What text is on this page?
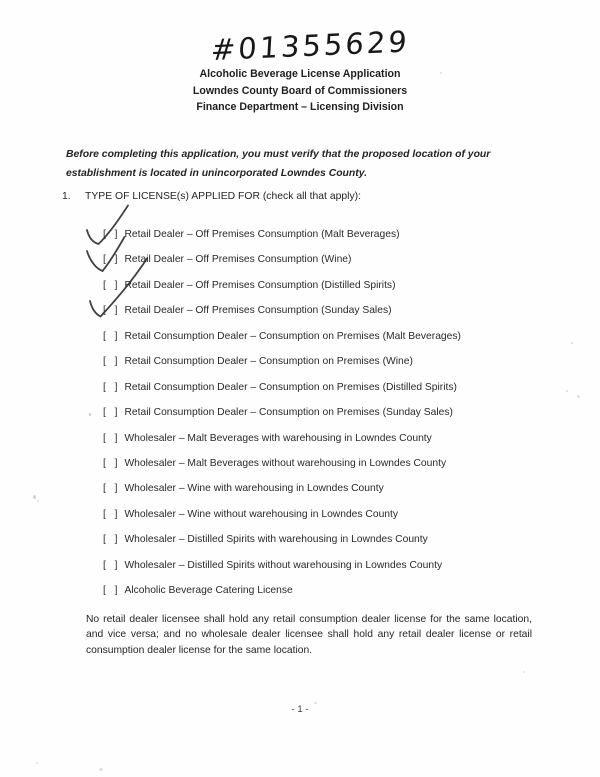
#01355629
Alcoholic Beverage License Application
Lowndes County Board of Commissioners
Finance Department – Licensing Division
Before completing this application, you must verify that the proposed location of your establishment is located in unincorporated Lowndes County.
1. TYPE OF LICENSE(s) APPLIED FOR (check all that apply):
[  ] Retail Dealer – Off Premises Consumption (Malt Beverages)
[  ] Retail Dealer – Off Premises Consumption (Wine)
[  ] Retail Dealer – Off Premises Consumption (Distilled Spirits)
[  ] Retail Dealer – Off Premises Consumption (Sunday Sales)
[  ] Retail Consumption Dealer – Consumption on Premises (Malt Beverages)
[  ] Retail Consumption Dealer – Consumption on Premises (Wine)
[  ] Retail Consumption Dealer – Consumption on Premises (Distilled Spirits)
[  ] Retail Consumption Dealer – Consumption on Premises (Sunday Sales)
[  ] Wholesaler – Malt Beverages with warehousing in Lowndes County
[  ] Wholesaler – Malt Beverages without warehousing in Lowndes County
[  ] Wholesaler – Wine with warehousing in Lowndes County
[  ] Wholesaler – Wine without warehousing in Lowndes County
[  ] Wholesaler – Distilled Spirits with warehousing in Lowndes County
[  ] Wholesaler – Distilled Spirits without warehousing in Lowndes County
[  ] Alcoholic Beverage Catering License
No retail dealer licensee shall hold any retail consumption dealer license for the same location, and vice versa; and no wholesale dealer licensee shall hold any retail dealer license or retail consumption dealer license for the same location.
- 1 -
